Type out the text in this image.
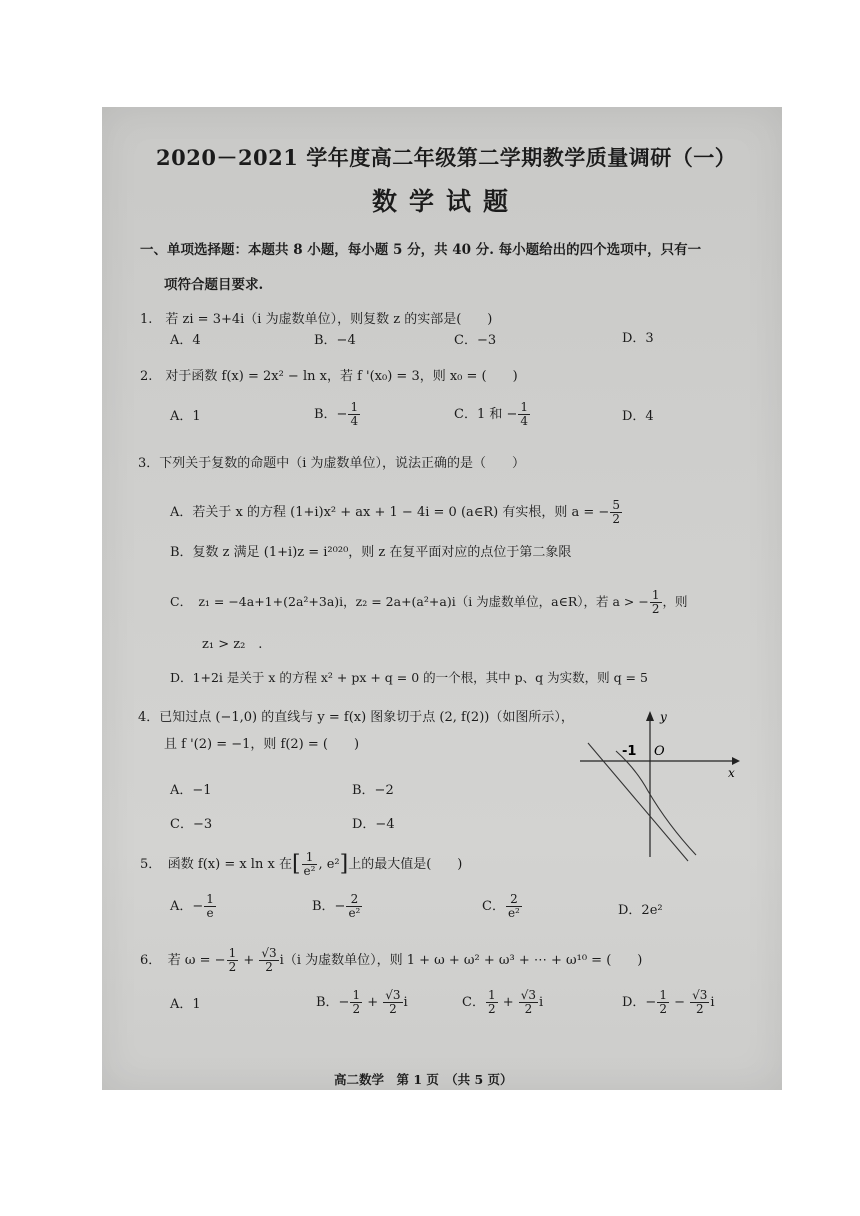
2020－2021 学年度高二年级第二学期教学质量调研（一）
数学试题
一、单项选择题：本题共 8 小题，每小题 5 分，共 40 分. 每小题给出的四个选项中，只有一
项符合题目要求.
1.　若 zi = 3+4i（i 为虚数单位），则复数 z 的实部是(　　)
A．4	B．−4	C．−3	D．3
2.　对于函数 f(x) = 2x² − ln x，若 f '(x₀) = 3，则 x₀ = (　　)
A．1	B．− $\frac{1}{4}$	C．1 和 − $\frac{1}{4}$	D．4
3．下列关于复数的命题中（i 为虚数单位），说法正确的是（　　）
A．若关于 x 的方程 (1+i)x² + ax + 1 − 4i = 0 (a∈R) 有实根，则 a = − $\frac{5}{2}$
B．复数 z 满足 (1+i)z = i²⁰²⁰，则 z 在复平面对应的点位于第二象限
C．　z₁ = −4a+1+(2a²+3a)i，z₂ = 2a+(a²+a)i（i 为虚数单位，a∈R），若 a > − $\frac{1}{2}$ ，则
z₁ > z₂　.
D．1+2i 是关于 x 的方程 x² + px + q = 0 的一个根，其中 p、q 为实数，则 q = 5
4．已知过点 (−1,0) 的直线与 y = f(x) 图象切于点 (2, f(2))（如图所示），
且 f '(2) = −1，则 f(2) = (　　)
A．−1	B．−2
C．−3	D．−4
y
x
O
-1
5．　函数 f(x) = x ln x 在[ $\frac{1}{\text{e²}}$ , e²]上的最大值是(　　)
A．− $\frac{1}{e}$	B．− $\frac{2}{\text{e²}}$	C． $\frac{2}{\text{e²}}$	D．2e²
6．　若 ω = − $\frac{1}{2} + \frac{√3}{2} i(i$ 为虚数单位），则 1 + ω + ω² + ω³ + ⋯ + ω¹⁰ = (　　)
A．1	B．− $\frac{1}{2} + \frac{√3}{2}$ i	C． $\frac{1}{2} + \frac{√3}{2}$ i	D．− $\frac{1}{2} - \frac{√3}{2}$ i
高二数学　第 1 页　（共 5 页）
